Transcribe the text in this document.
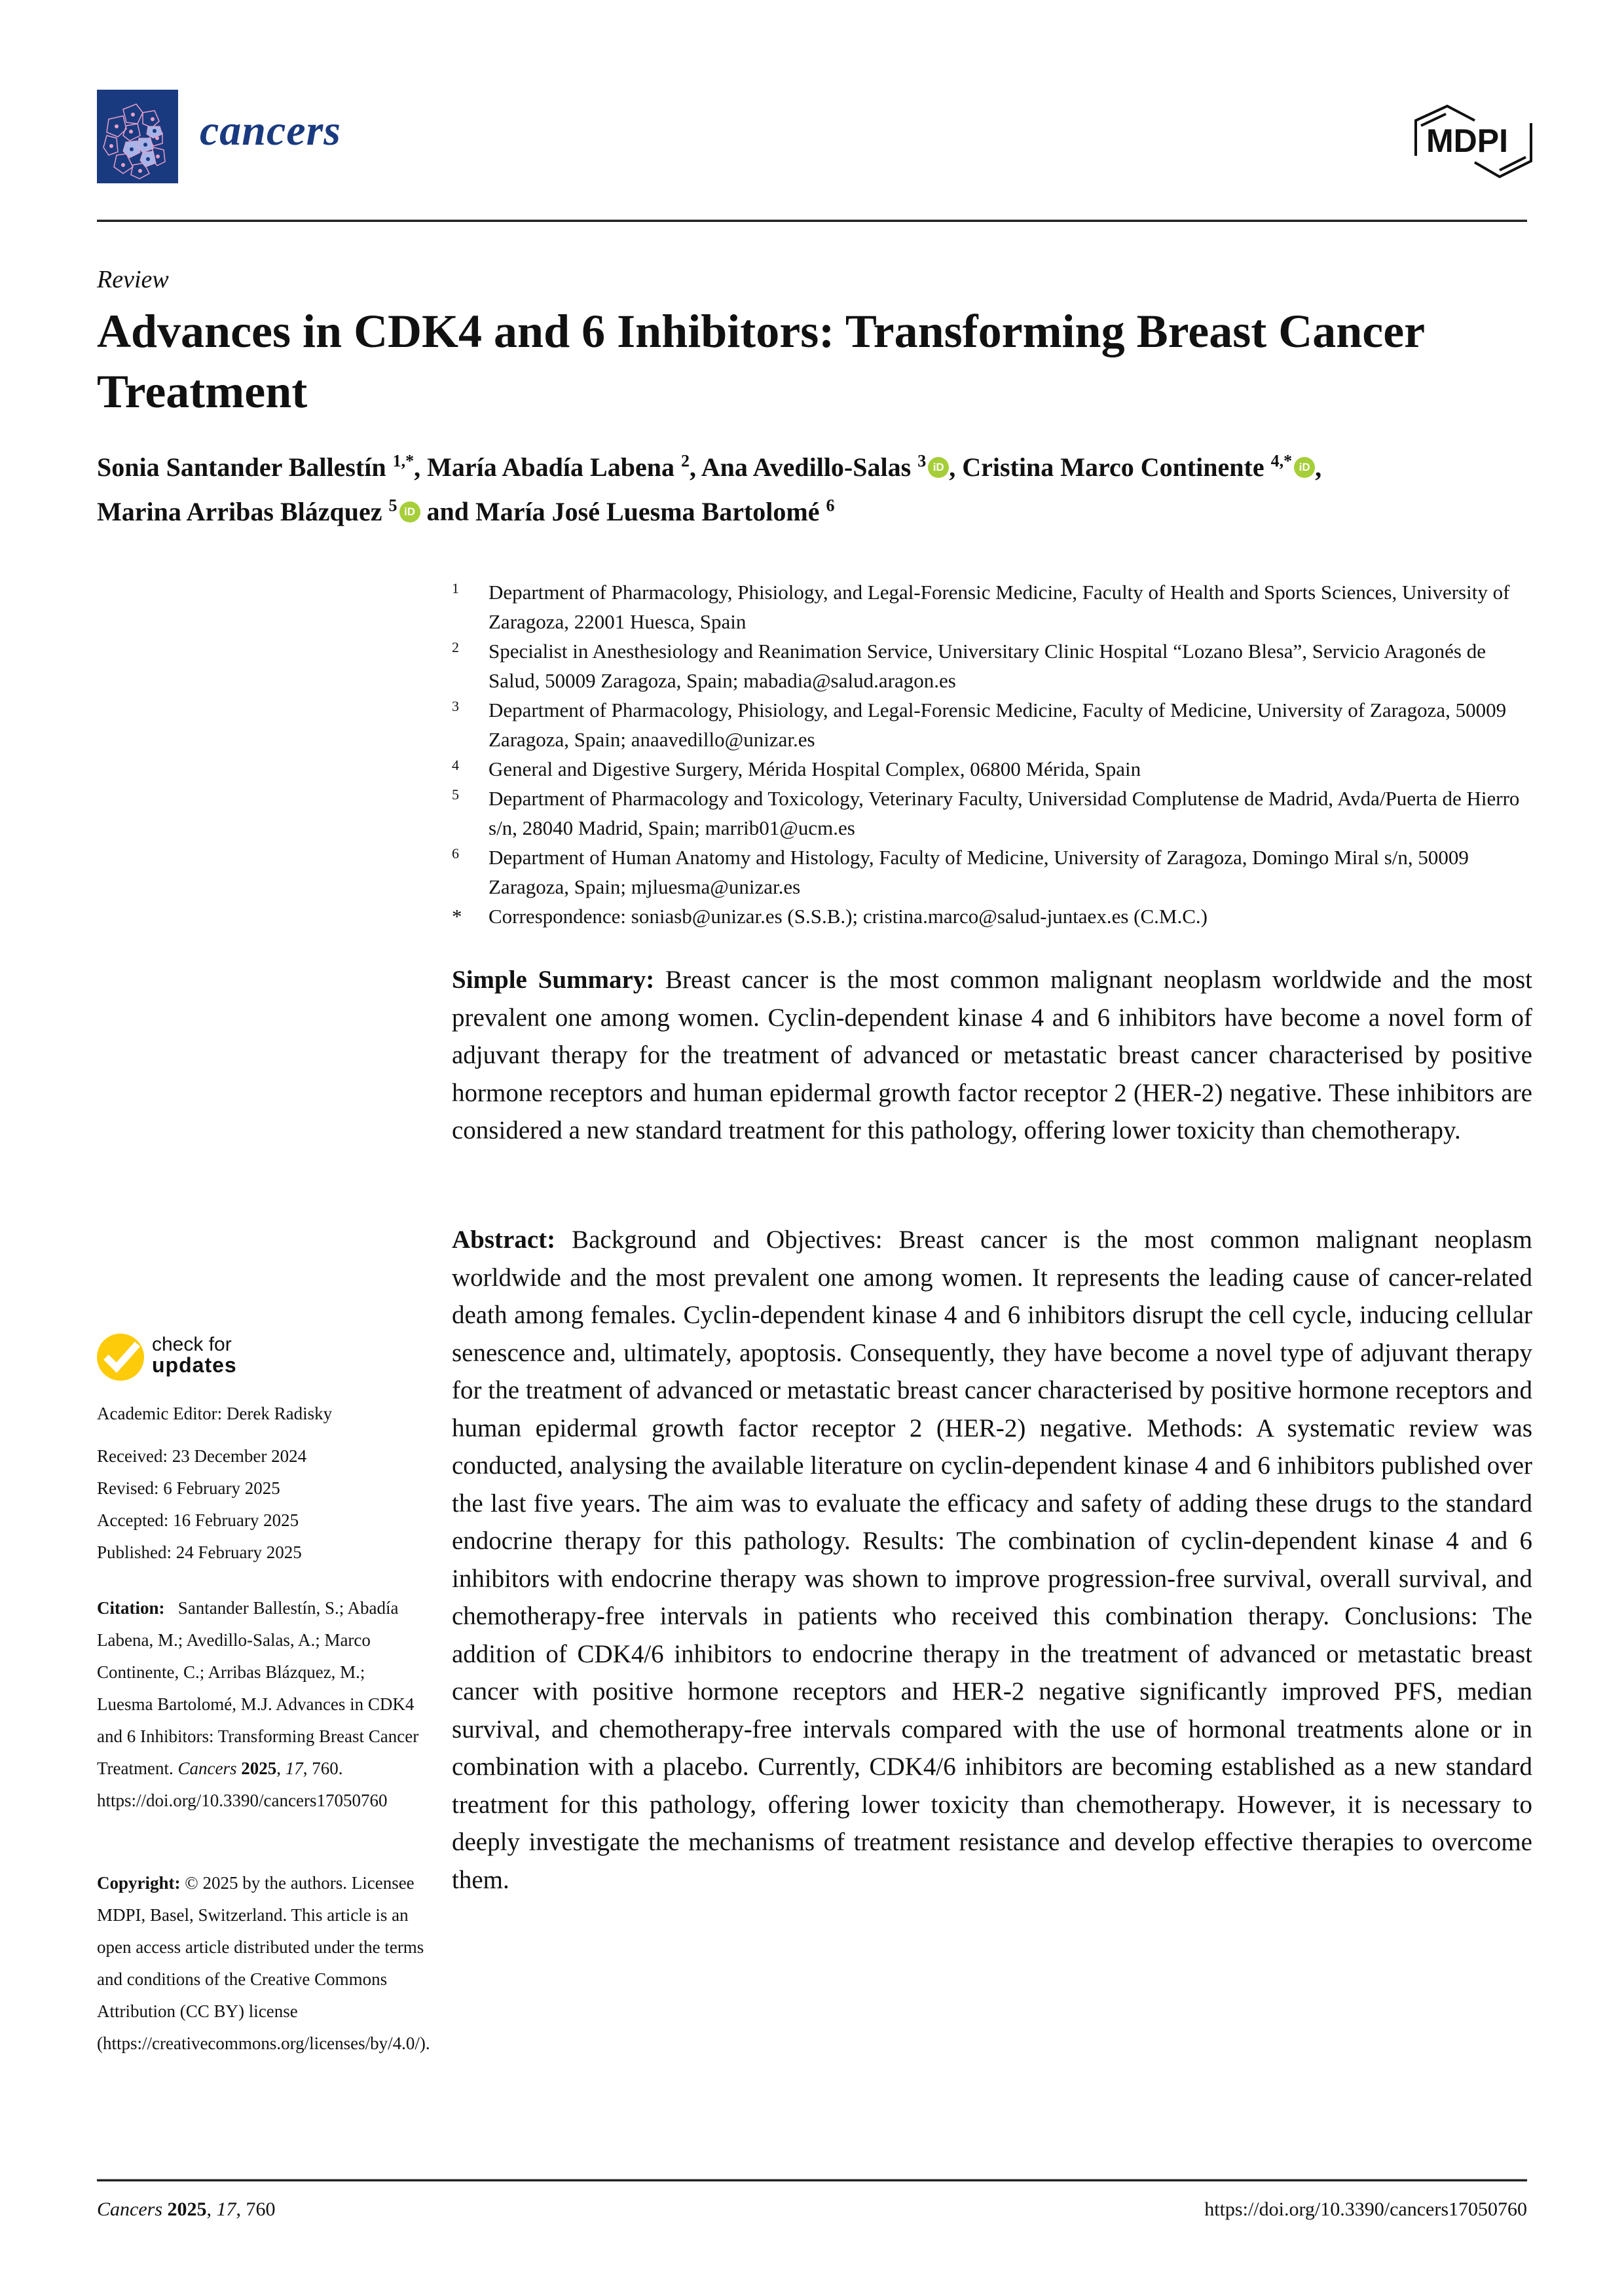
cancers	MDPI
Review
Advances in CDK4 and 6 Inhibitors: Transforming Breast Cancer Treatment
Sonia Santander Ballestín $^{1,*}$, María Abadía Labena $^2$, Ana Avedillo-Salas $^3$ iD , Cristina Marco Continente $^{4,*}$ iD ,
Marina Arribas Blázquez $^5$ iD and María José Luesma Bartolomé $^6$
1 Department of Pharmacology, Phisiology, and Legal-Forensic Medicine, Faculty of Health and Sports Sciences, University of Zaragoza, 22001 Huesca, Spain
2 Specialist in Anesthesiology and Reanimation Service, Universitary Clinic Hospital “Lozano Blesa”, Servicio Aragonés de Salud, 50009 Zaragoza, Spain; mabadia@salud.aragon.es
3 Department of Pharmacology, Phisiology, and Legal-Forensic Medicine, Faculty of Medicine, University of Zaragoza, 50009 Zaragoza, Spain; anaavedillo@unizar.es
4 General and Digestive Surgery, Mérida Hospital Complex, 06800 Mérida, Spain
5 Department of Pharmacology and Toxicology, Veterinary Faculty, Universidad Complutense de Madrid, Avda/Puerta de Hierro s/n, 28040 Madrid, Spain; marrib01@ucm.es
6 Department of Human Anatomy and Histology, Faculty of Medicine, University of Zaragoza, Domingo Miral s/n, 50009 Zaragoza, Spain; mjluesma@unizar.es
* Correspondence: soniasb@unizar.es (S.S.B.); cristina.marco@salud-juntaex.es (C.M.C.)
Simple Summary: Breast cancer is the most common malignant neoplasm worldwide and the most prevalent one among women. Cyclin-dependent kinase 4 and 6 inhibitors have become a novel form of adjuvant therapy for the treatment of advanced or metastatic breast cancer characterised by positive hormone receptors and human epidermal growth factor receptor 2 (HER-2) negative. These inhibitors are considered a new standard treatment for this pathology, offering lower toxicity than chemotherapy.
Abstract: Background and Objectives: Breast cancer is the most common malignant neoplasm worldwide and the most prevalent one among women. It represents the leading cause of cancer-related death among females. Cyclin-dependent kinase 4 and 6 inhibitors disrupt the cell cycle, inducing cellular senescence and, ultimately, apoptosis. Consequently, they have become a novel type of adjuvant therapy for the treatment of advanced or metastatic breast cancer characterised by positive hormone receptors and human epidermal growth factor receptor 2 (HER-2) negative. Methods: A systematic review was conducted, analysing the available literature on cyclin-dependent kinase 4 and 6 inhibitors published over the last five years. The aim was to evaluate the efficacy and safety of adding these drugs to the standard endocrine therapy for this pathology. Results: The combination of cyclin-dependent kinase 4 and 6 inhibitors with endocrine therapy was shown to improve progression-free survival, overall survival, and chemotherapy-free intervals in patients who received this combination therapy. Conclusions: The addition of CDK4/6 inhibitors to endocrine therapy in the treatment of advanced or metastatic breast cancer with positive hormone receptors and HER-2 negative significantly improved PFS, median survival, and chemotherapy-free intervals compared with the use of hormonal treatments alone or in combination with a placebo. Currently, CDK4/6 inhibitors are becoming established as a new standard treatment for this pathology, offering lower toxicity than chemotherapy. However, it is necessary to deeply investigate the mechanisms of treatment resistance and develop effective therapies to overcome them.
check for
updates
Academic Editor: Derek Radisky
Received: 23 December 2024
Revised: 6 February 2025
Accepted: 16 February 2025
Published: 24 February 2025
Citation: Santander Ballestín, S.; Abadía Labena, M.; Avedillo-Salas, A.; Marco Continente, C.; Arribas Blázquez, M.; Luesma Bartolomé, M.J. Advances in CDK4 and 6 Inhibitors: Transforming Breast Cancer Treatment. Cancers 2025, 17, 760. https://doi.org/10.3390/cancers17050760
Copyright: © 2025 by the authors. Licensee MDPI, Basel, Switzerland. This article is an open access article distributed under the terms and conditions of the Creative Commons Attribution (CC BY) license (https://creativecommons.org/licenses/by/4.0/).
Cancers 2025, 17, 760	https://doi.org/10.3390/cancers17050760
